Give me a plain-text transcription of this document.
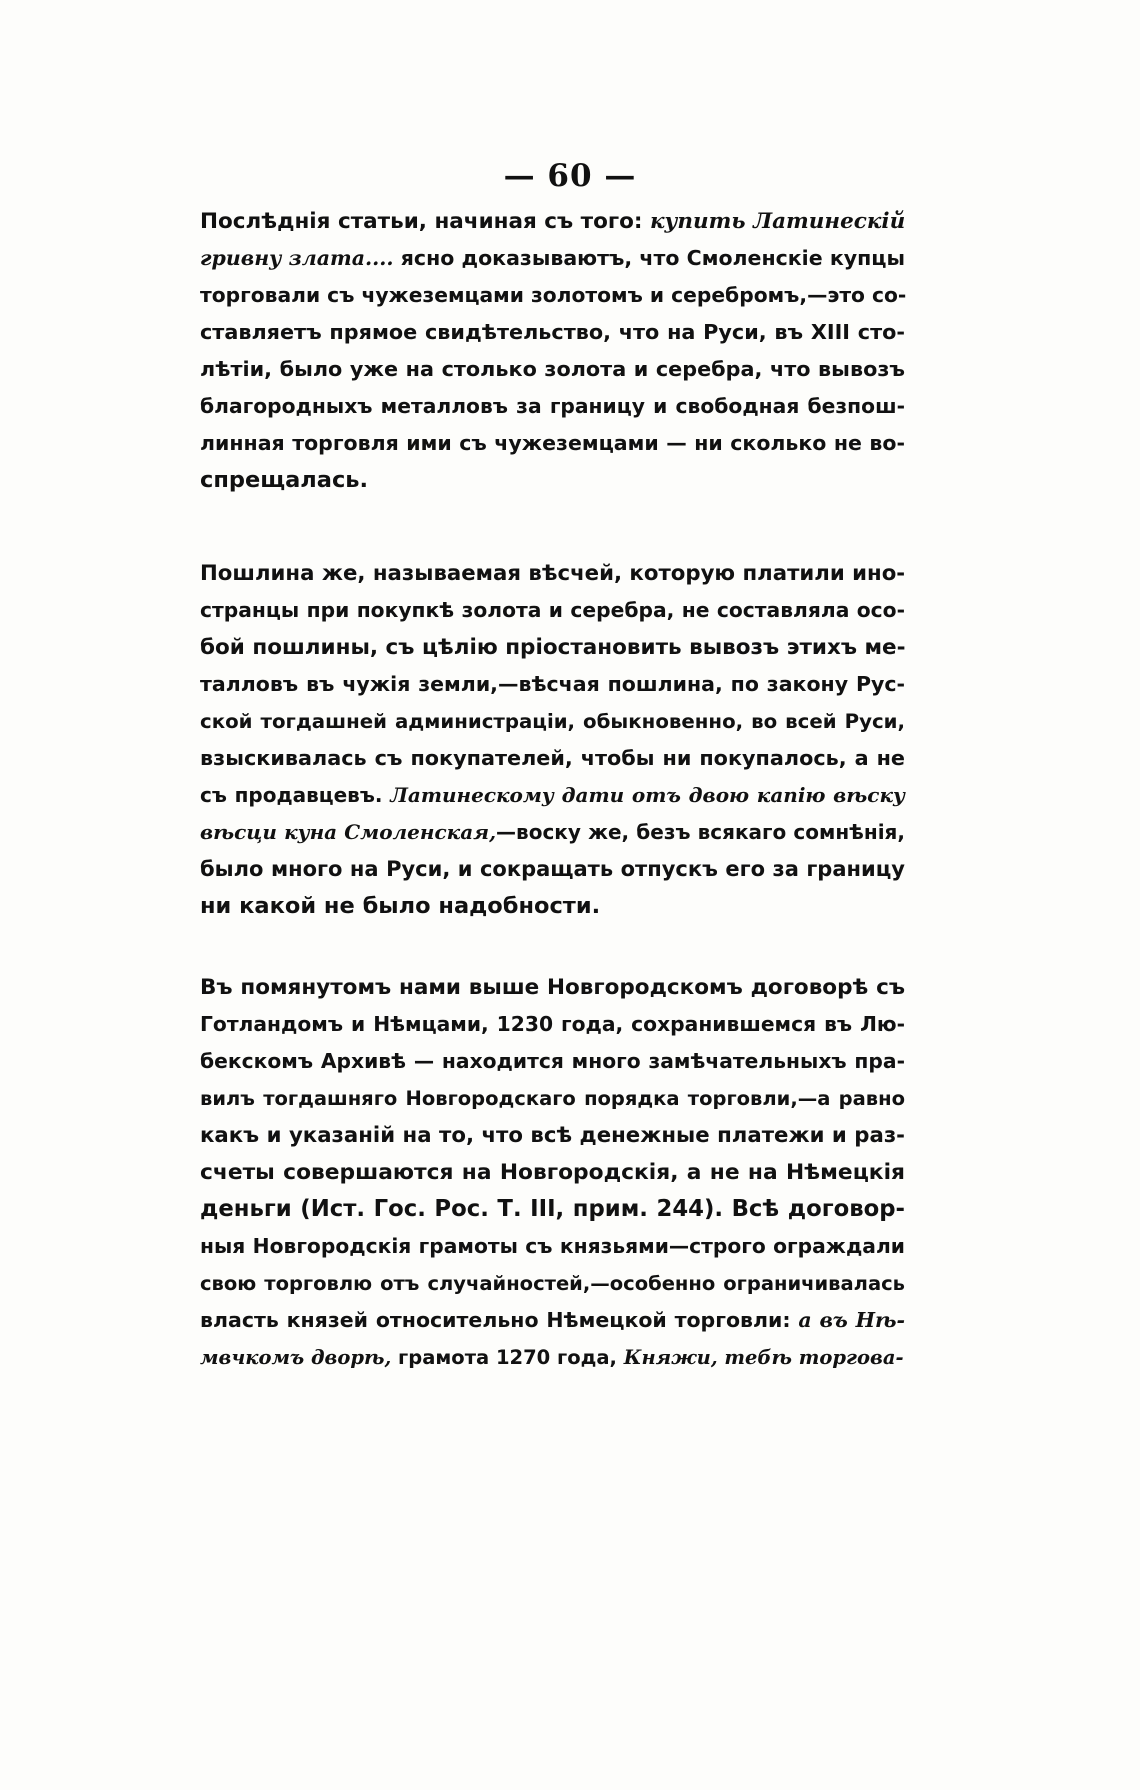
— 60 —
Послѣднія статьи, начиная съ того: купить Латинескій
гривну злата.... ясно доказываютъ, что Смоленскіе купцы
торговали съ чужеземцами золотомъ и серебромъ,—это со-
ставляетъ прямое свидѣтельство, что на Руси, въ XIII сто-
лѣтіи, было уже на столько золота и серебра, что вывозъ
благородныхъ металловъ за границу и свободная безпош-
линная торговля ими съ чужеземцами — ни сколько не во-
спрещалась.
Пошлина же, называемая вѣсчей, которую платили ино-
странцы при покупкѣ золота и серебра, не составляла осо-
бой пошлины, съ цѣлію пріостановить вывозъ этихъ ме-
талловъ въ чужія земли,—вѣсчая пошлина, по закону Рус-
ской тогдашней администраціи, обыкновенно, во всей Руси,
взыскивалась съ покупателей, чтобы ни покупалось, а не
съ продавцевъ. Латинескому дати отъ двою капію вѣску
вѣсци куна Смоленская,—воску же, безъ всякаго сомнѣнія,
было много на Руси, и сокращать отпускъ его за границу
ни какой не было надобности.
Въ помянутомъ нами выше Новгородскомъ договорѣ съ
Готландомъ и Нѣмцами, 1230 года, сохранившемся въ Лю-
бекскомъ Архивѣ — находится много замѣчательныхъ пра-
вилъ тогдашняго Новгородскаго порядка торговли,—а равно
какъ и указаній на то, что всѣ денежные платежи и раз-
счеты совершаются на Новгородскія, а не на Нѣмецкія
деньги (Ист. Гос. Рос. Т. III, прим. 244). Всѣ договор-
ныя Новгородскія грамоты съ князьями—строго ограждали
свою торговлю отъ случайностей,—особенно ограничивалась
власть князей относительно Нѣмецкой торговли: а въ Нѣ-
мвчкомъ дворѣ, грамота 1270 года, Княжи, тебѣ торгова-
